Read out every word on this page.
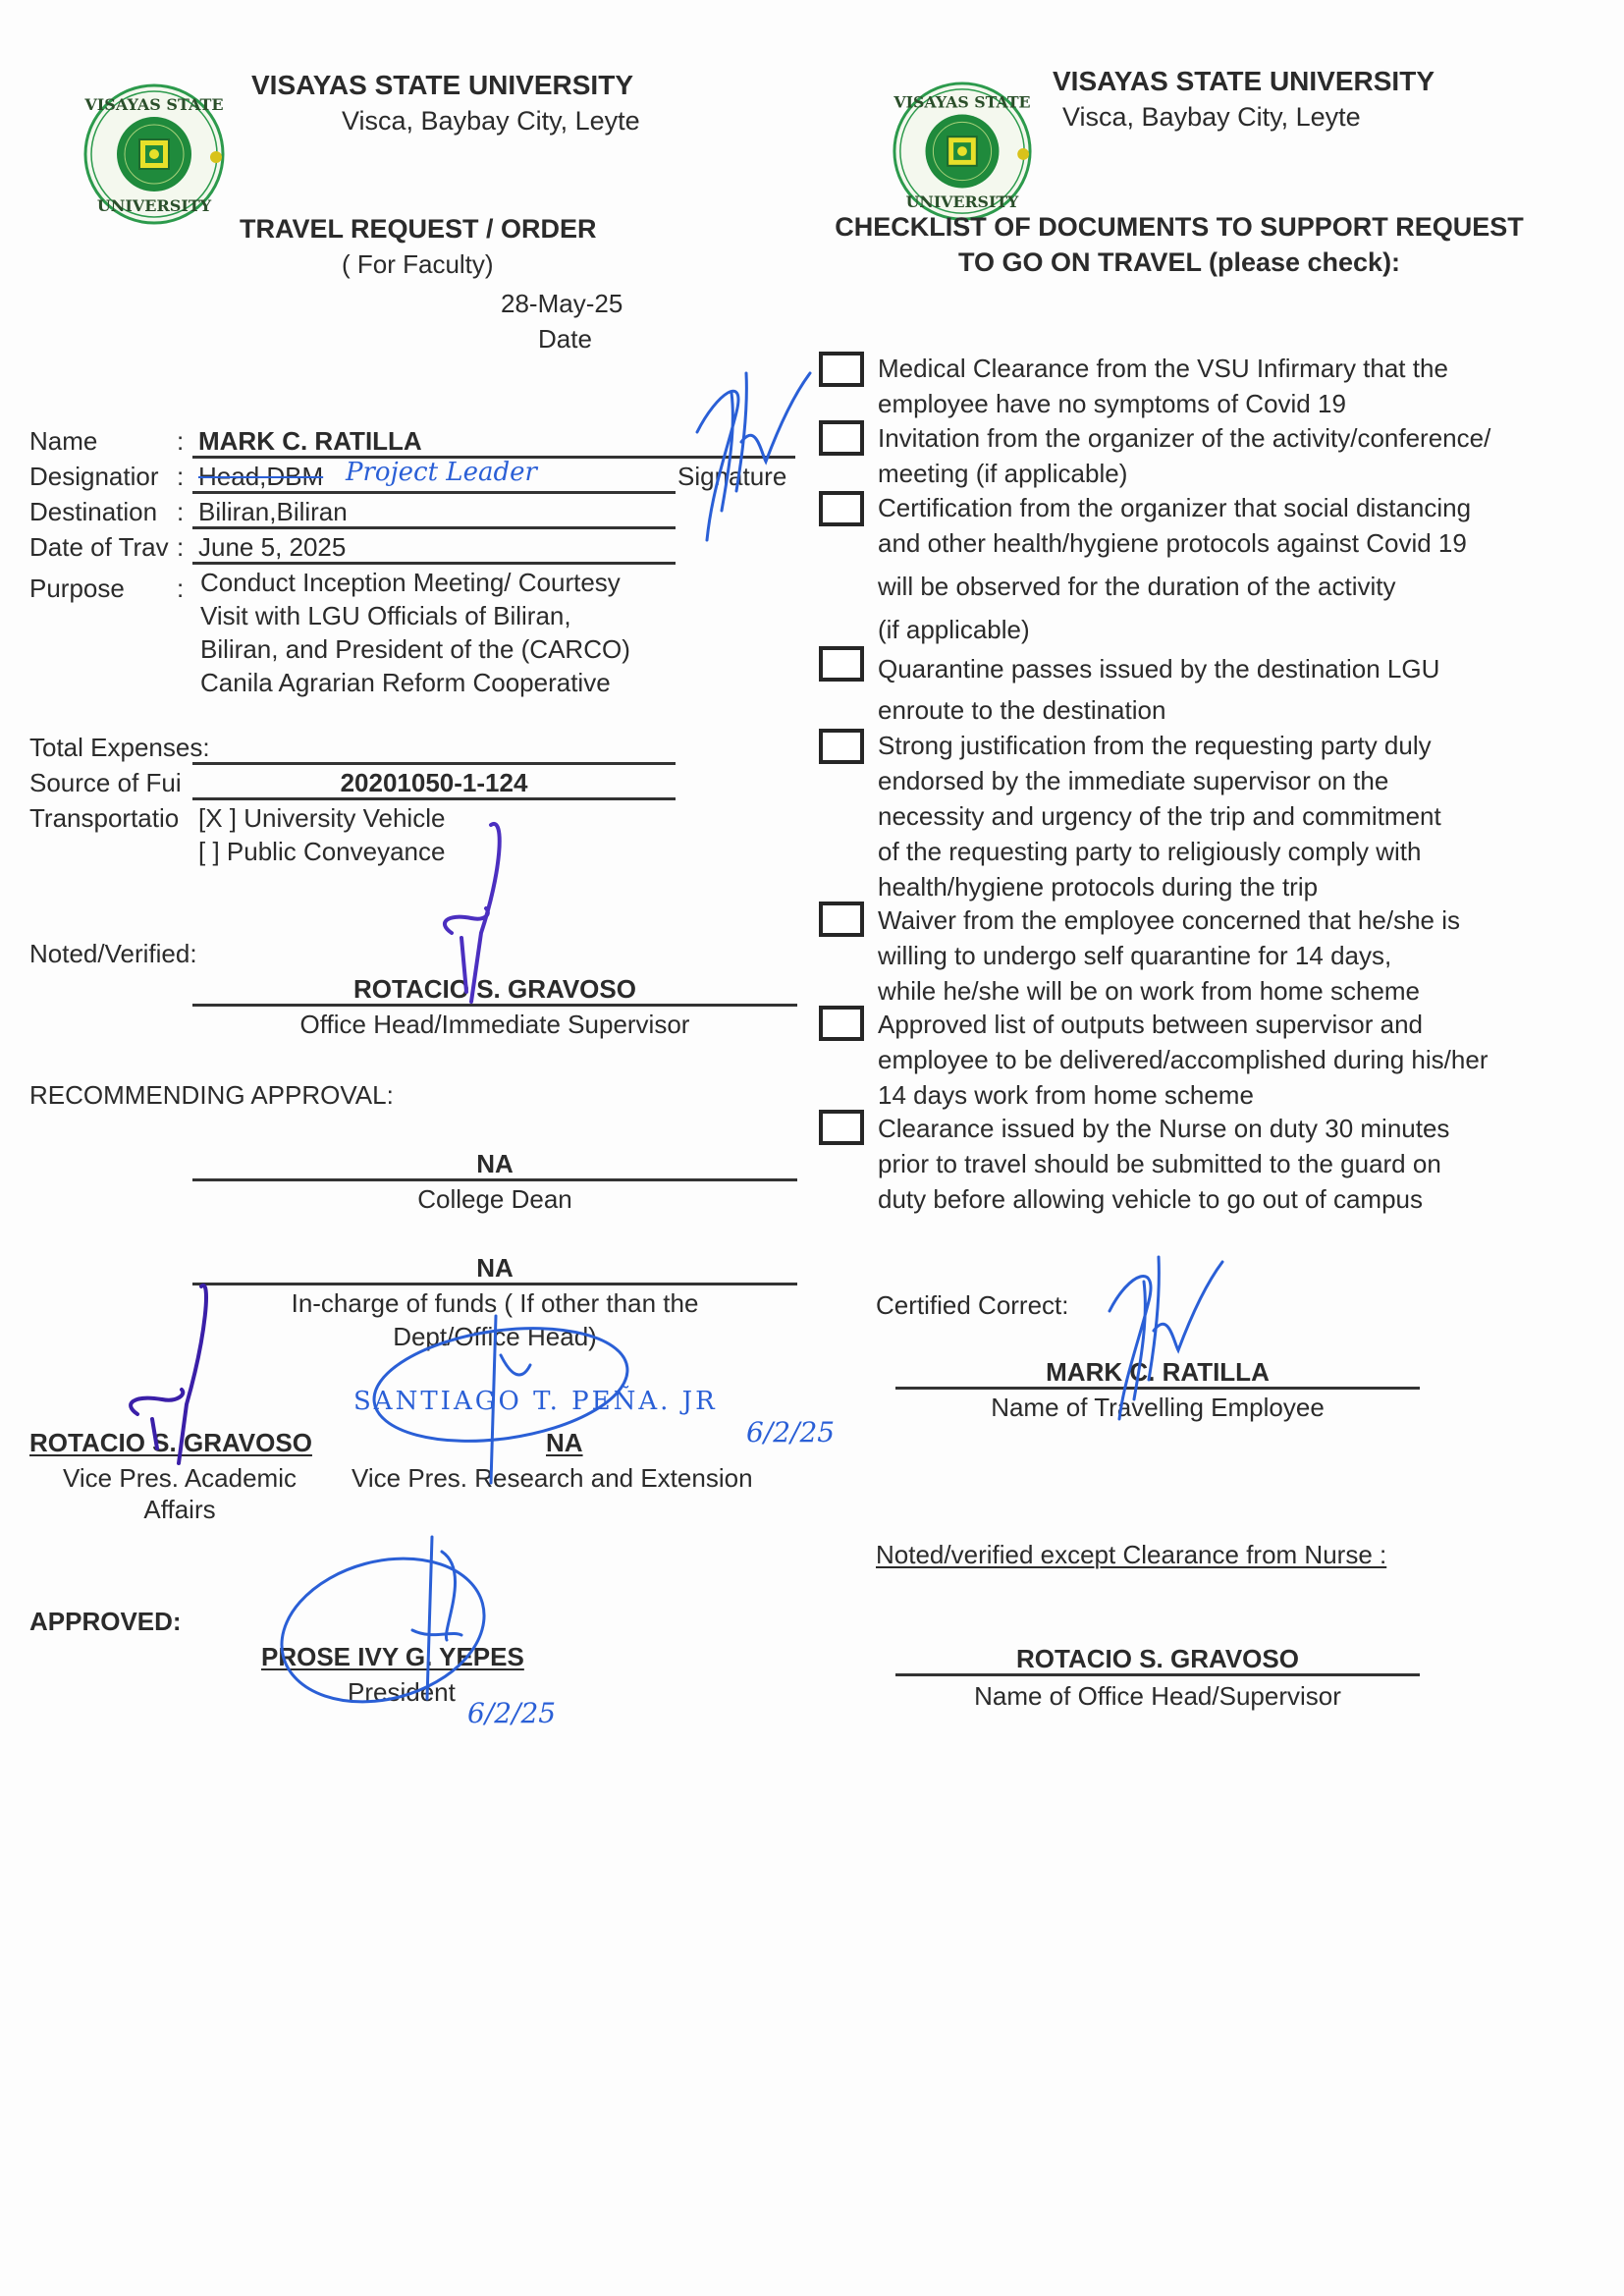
VISAYAS STATE
UNIVERSITY
VISAYAS STATE UNIVERSITY
Visca, Baybay City, Leyte
TRAVEL REQUEST / ORDER
( For Faculty)
28-May-25
Date
Name	: MARK C. RATILLA
Designatior : Head,DBM Project Leader	Signature
Destination : Biliran,Biliran
Date of Trav : June 5, 2025
Purpose : Conduct Inception Meeting/ Courtesy
Visit with LGU Officials of Biliran,
Biliran, and President of the (CARCO)
Canila Agrarian Reform Cooperative
Total Expenses:
Source of Fui	20201050-1-124
Transportatio [X ] University Vehicle
[ ] Public Conveyance
Noted/Verified:
ROTACIO S. GRAVOSO
Office Head/Immediate Supervisor
RECOMMENDING APPROVAL:
NA
College Dean
NA
In-charge of funds ( If other than the
Dept/Office Head)
ROTACIO S. GRAVOSO
Vice Pres. Academic
Affairs
SANTIAGO T. PEÑA. JR
6/2/25
NA
Vice Pres. Research and Extension
APPROVED:
PROSE IVY G. YEPES
President
6/2/25
VISAYAS STATE
UNIVERSITY
VISAYAS STATE UNIVERSITY
Visca, Baybay City, Leyte
CHECKLIST OF DOCUMENTS TO SUPPORT REQUEST
TO GO ON TRAVEL (please check):
Medical Clearance from the VSU Infirmary that the
employee have no symptoms of Covid 19
Invitation from the organizer of the activity/conference/
meeting (if applicable)
Certification from the organizer that social distancing
and other health/hygiene protocols against Covid 19
will be observed for the duration of the activity
(if applicable)
Quarantine passes issued by the destination LGU
enroute to the destination
Strong justification from the requesting party duly
endorsed by the immediate supervisor on the
necessity and urgency of the trip and commitment
of the requesting party to religiously comply with
health/hygiene protocols during the trip
Waiver from the employee concerned that he/she is
willing to undergo self quarantine for 14 days,
while he/she will be on work from home scheme
Approved list of outputs between supervisor and
employee to be delivered/accomplished during his/her
14 days work from home scheme
Clearance issued by the Nurse on duty 30 minutes
prior to travel should be submitted to the guard on
duty before allowing vehicle to go out of campus
Certified Correct:
MARK C. RATILLA
Name of Travelling Employee
Noted/verified except Clearance from Nurse :
ROTACIO S. GRAVOSO
Name of Office Head/Supervisor
